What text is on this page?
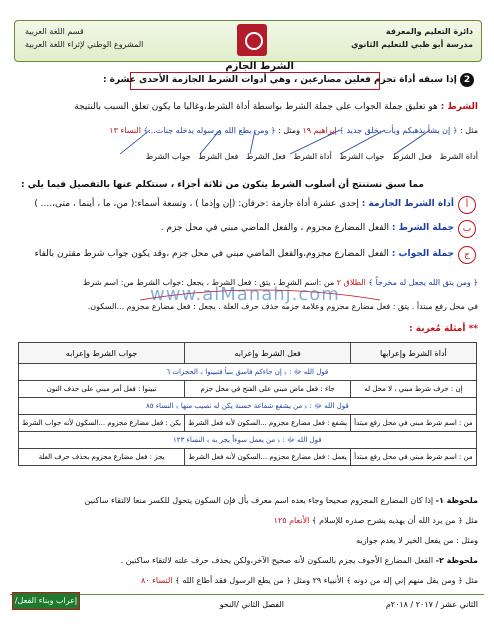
دائرة التعليم والمعرفة
مدرسة أبو ظبي للتعليم الثانوي
قسم اللغة العربية
المشروع الوطني لإثراء اللغة العربية
الشرط الجازم
2 إذا سبقه أداة تجزم فعلين مضارعين ، وهي أدوات الشرط الجازمة الأحدى عشرة :
الشرط : هو تعليق جملة الجواب على جملة الشرط بواسطة أداة الشرط،وغالبا ما يكون تعلق السبب بالنتيجة
مثل : ﴿ إن يشأ يذهبكم ويأت بخلق جديد ﴾ إبراهيم ١٩ ومثل : ﴿ ومن يطع الله ورسوله يدخله جنات...﴾ النساء ١٣
أداة الشرط   فعل الشرط   جواب الشرط   أداة الشرط   فعل الشرط   فعل الشرط   جواب الشرط
مما سبق نستنتج أن أسلوب الشرط يتكون من ثلاثة أجزاء ، سنتكلم عنها بالتفصيل فيما يلي :
أ
أداة الشرط الجازمة : إحدى عشرة أداة جازمة :حرفان: (إن وإذما ) ، وتسعة أسماء:( من، ما ، أينما ، متى،.... )
ب
جملة الشرط : الفعل المضارع مجزوم ، والفعل الماضي مبني في محل جزم .
ج
جملة الجواب : الفعل المضارع مجزوم،والفعل الماضي مبني في محل جزم ،وقد يكون جواب شرط مقترن بالفاء
﴿ ومن يتق الله يجعل له مخرجاً ﴾ الطلاق ٢ من :اسم الشرط ، يتق : فعل الشرط ، يجعل :جواب الشرط من: اسم شرط
في محل رفع مبتدأ . يتق : فعل مضارع مجزوم وعلامة جزمه حذف حرف العلة . يجعل : فعل مضارع مجزوم ...السكون.
www.alManahj.com
** أمثلة مُعربة :
أداة الشرط وإعرابها	فعل الشرط وإعرابه	جواب الشرط وإعرابه
قول الله ﷻ : ﴿ إن جاءكم فاسق بنبأ فتبينوا ﴾ الحجرات ٦		
إن : حرف شرط مبني ، لا محل له	جاء : فعل ماض مبني على الفتح في محل جزم	تبينوا : فعل أمر مبني على حذف النون
قول الله ﷻ : ﴿ من يشفع شفاعة حسنة يكن له نصيب منها ﴾ النساء ٨٥		
من : اسم شرط مبني في محل رفع مبتدأ	يشفع : فعل مضارع مجزوم ...السكون لأنه فعل الشرط	يكن : فعل مضارع مجزوم ...السكون لأنه جواب الشرط
قول الله ﷻ : ﴿ من يعمل سوءاً يجز به ﴾ النساء ١٢٣		
من : اسم شرط مبني في محل رفع مبتدأ	يعمل : فعل مضارع مجزوم ...السكون لأنه فعل الشرط	يجز : فعل مضارع مجزوم بحذف حرف العلة
ملحوظة ١- إذا كان المضارع المجزوم صحيحا وجاء بعده اسم معرف بأل فإن السكون يتحول للكسر منعا لالتقاء ساكنين
مثل ﴿ من يرد الله أن يهديه يشرح صدره للإسلام ﴾ الأنعام ١٢٥
ومثل : من يفعل الخير لا يعدم جوازيه
ملحوظة ٢- الفعل المضارع الأجوف يجزم بالسكون لأنه صحيح الآخر،ولكن يحذف حرف علته لالتقاء ساكنين .
مثل ﴿ ومن يقل منهم إني إله من دونه ﴾ الأنبياء ٢٩ ومثل ﴿ من يطع الرسول فقد أطاع الله ﴾ النساء ٨٠
الثاني عشر / ٢٠١٧ / ٢٠١٨م
الفصل الثاني /النحو
إعراب وبناء الفعل/ شرح ١١
